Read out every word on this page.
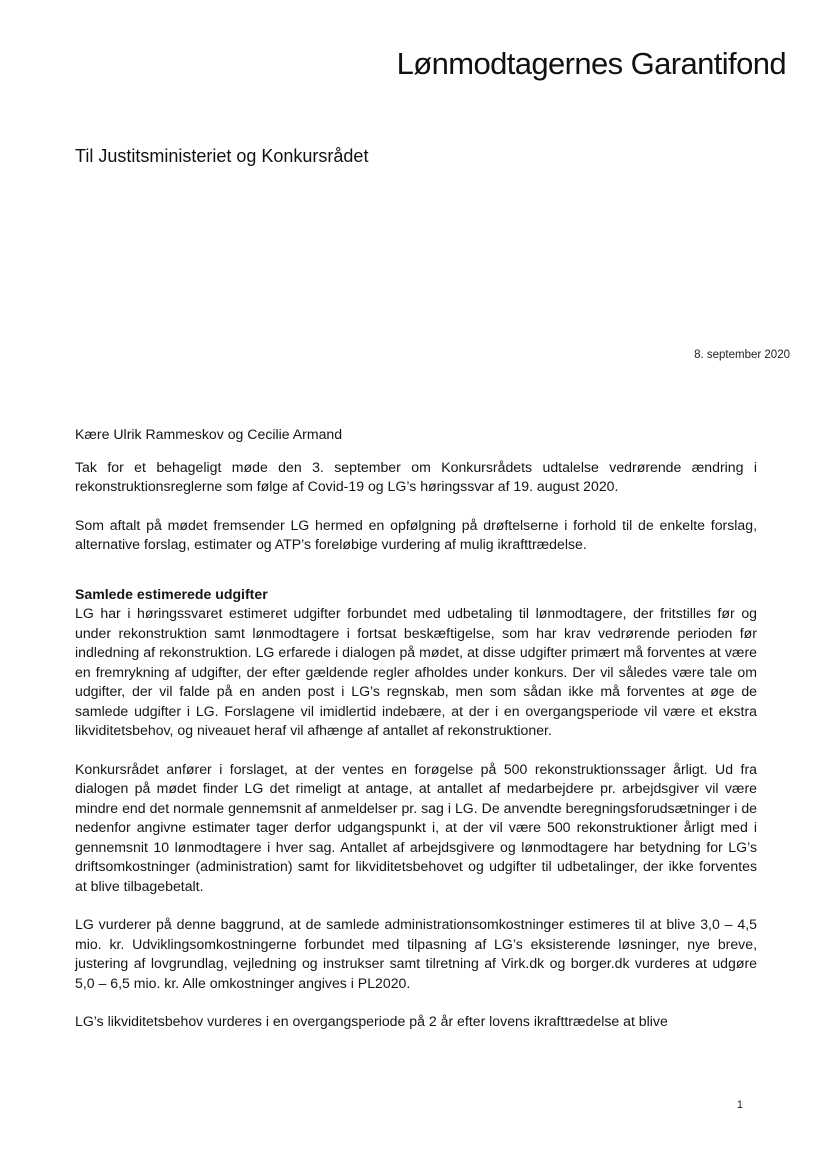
Lønmodtagernes Garantifond
Til Justitsministeriet og Konkursrådet
8. september 2020

Kære Ulrik Rammeskov og Cecilie Armand

Tak for et behageligt møde den 3. september om Konkursrådets udtalelse vedrørende ændring i rekonstruktionsreglerne som følge af Covid-19 og LG’s høringssvar af 19. august 2020.

Som aftalt på mødet fremsender LG hermed en opfølgning på drøftelserne i forhold til de enkelte forslag, alternative forslag, estimater og ATP’s foreløbige vurdering af mulig ikrafttrædelse.

Samlede estimerede udgifter

LG har i høringssvaret estimeret udgifter forbundet med udbetaling til lønmodtagere, der fritstilles før og under rekonstruktion samt lønmodtagere i fortsat beskæftigelse, som har krav vedrørende perioden før indledning af rekonstruktion. LG erfarede i dialogen på mødet, at disse udgifter primært må forventes at være en fremrykning af udgifter, der efter gældende regler afholdes under konkurs. Der vil således være tale om udgifter, der vil falde på en anden post i LG’s regnskab, men som sådan ikke må forventes at øge de samlede udgifter i LG. Forslagene vil imidlertid indebære, at der i en overgangsperiode vil være et ekstra likviditetsbehov, og niveauet heraf vil afhænge af antallet af rekonstruktioner.

Konkursrådet anfører i forslaget, at der ventes en forøgelse på 500 rekonstruktionssager årligt. Ud fra dialogen på mødet finder LG det rimeligt at antage, at antallet af medarbejdere pr. arbejdsgiver vil være mindre end det normale gennemsnit af anmeldelser pr. sag i LG. De anvendte beregningsforudsætninger i de nedenfor angivne estimater tager derfor udgangspunkt i, at der vil være 500 rekonstruktioner årligt med i gennemsnit 10 lønmodtagere i hver sag. Antallet af arbejdsgivere og lønmodtagere har betydning for LG’s driftsomkostninger (administration) samt for likviditetsbehovet og udgifter til udbetalinger, der ikke forventes at blive tilbagebetalt.

LG vurderer på denne baggrund, at de samlede administrationsomkostninger estimeres til at blive 3,0 – 4,5 mio. kr. Udviklingsomkostningerne forbundet med tilpasning af LG’s eksisterende løsninger, nye breve, justering af lovgrundlag, vejledning og instrukser samt tilretning af Virk.dk og borger.dk vurderes at udgøre 5,0 – 6,5 mio. kr. Alle omkostninger angives i PL2020.

LG’s likviditetsbehov vurderes i en overgangsperiode på 2 år efter lovens ikrafttrædelse at blive

1
